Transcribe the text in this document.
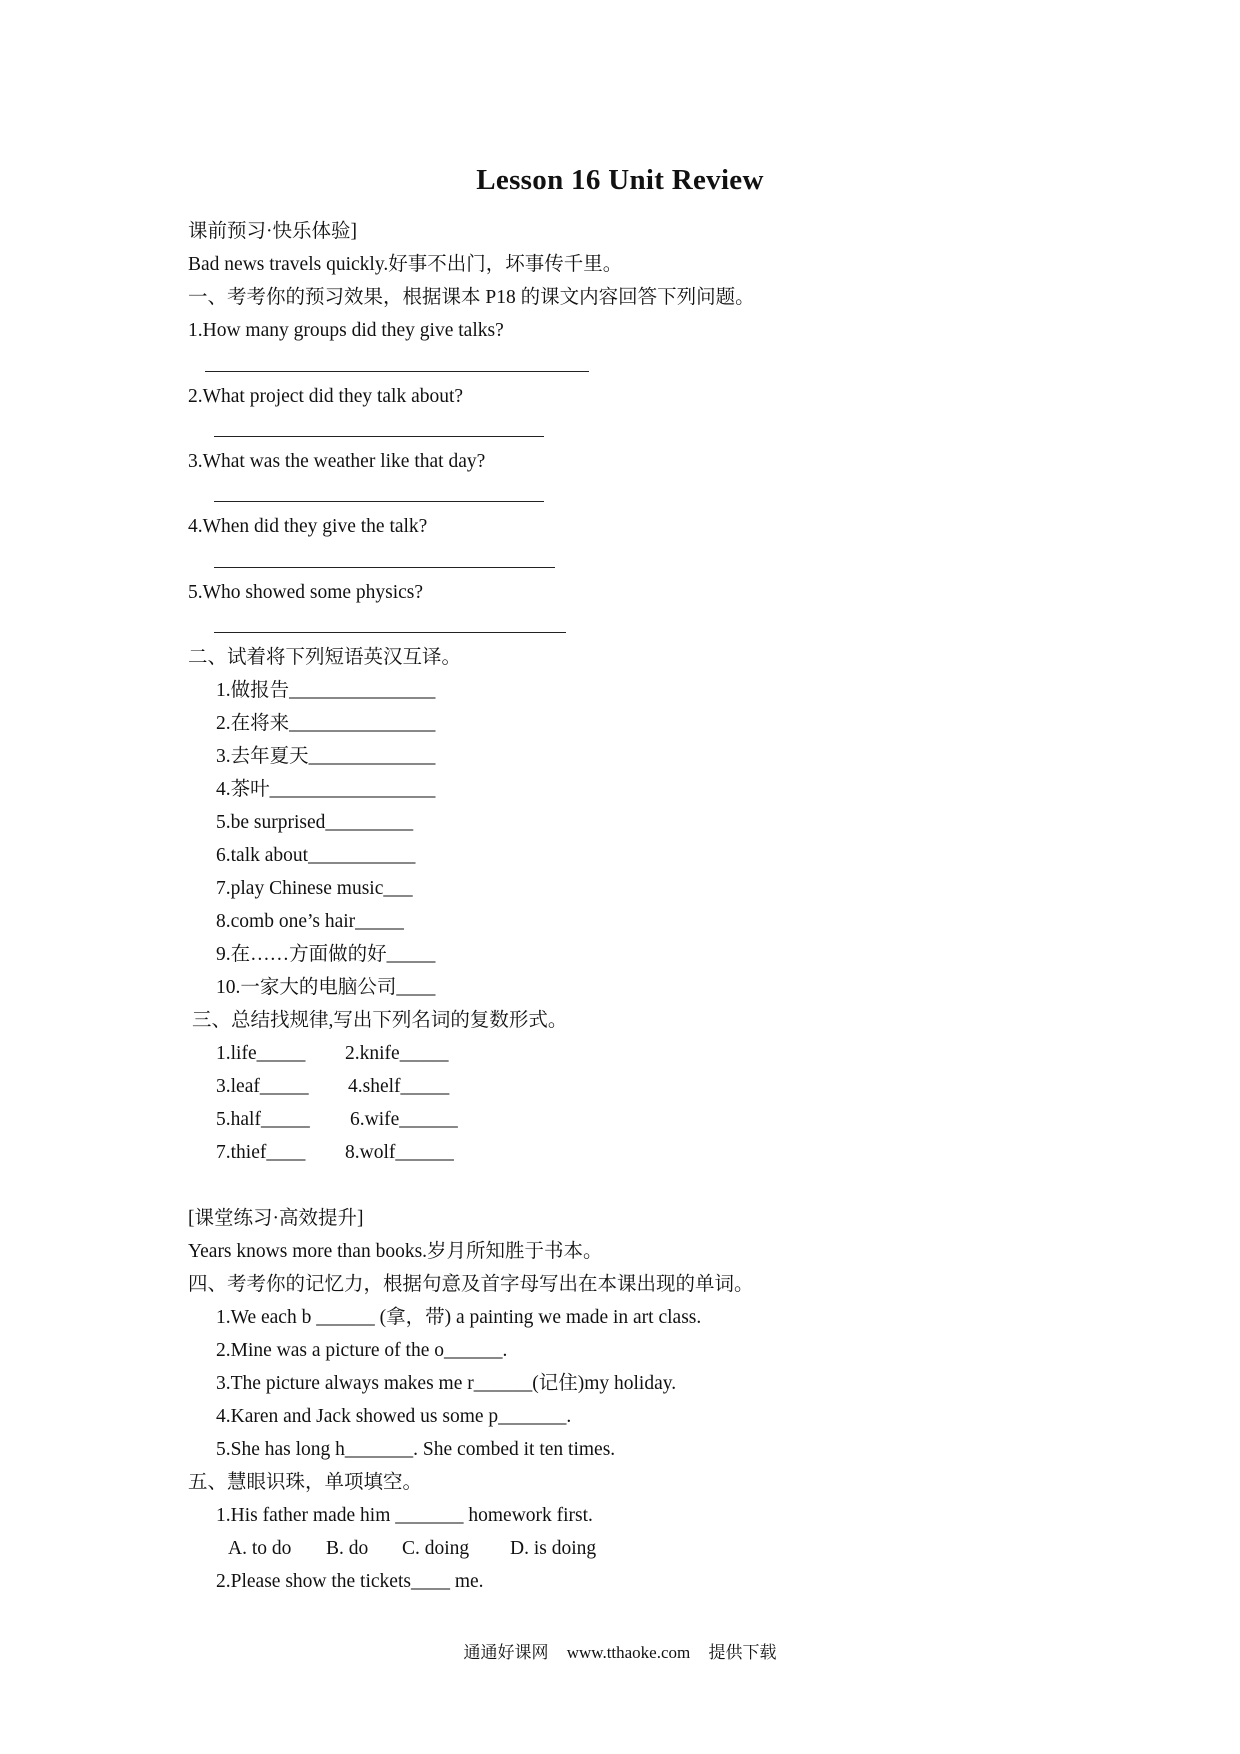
Lesson 16 Unit Review
课前预习·快乐体验]
Bad news travels quickly.好事不出门，坏事传千里。
一、考考你的预习效果，根据课本 P18 的课文内容回答下列问题。
1.How many groups did they give talks?
2.What project did they talk about?
3.What was the weather like that day?
4.When did they give the talk?
5.Who showed some physics?
二、试着将下列短语英汉互译。
1.做报告_______________
2.在将来_______________
3.去年夏天_____________
4.茶叶_________________
5.be surprised_________
6.talk about___________
7.play Chinese music___
8.comb one’s hair_____
9.在……方面做的好_____
10.一家大的电脑公司____
三、总结找规律,写出下列名词的复数形式。
1.life_____ 2.knife_____
3.leaf_____ 4.shelf_____
5.half_____ 6.wife______
7.thief____ 8.wolf______
[课堂练习·高效提升]
Years knows more than books.岁月所知胜于书本。
四、考考你的记忆力，根据句意及首字母写出在本课出现的单词。
1.We each b ______ (拿，带) a painting we made in art class.
2.Mine was a picture of the o______.
3.The picture always makes me r______(记住)my holiday.
4.Karen and Jack showed us some p_______.
5.She has long h_______. She combed it ten times.
五、慧眼识珠，单项填空。
1.His father made him _______ homework first.
A. to do B. do C. doing D. is doing
2.Please show the tickets____ me.
通通好课网 www.tthaoke.com 提供下载
